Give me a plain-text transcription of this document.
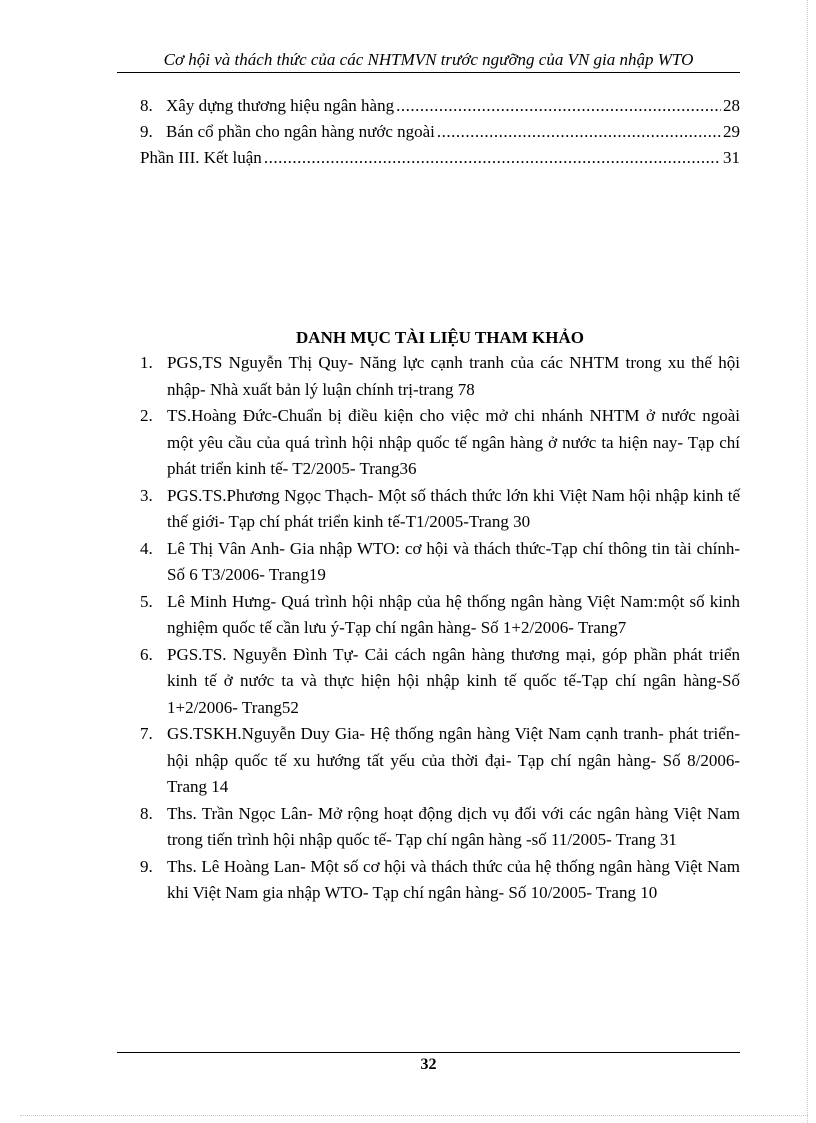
Cơ hội và thách thức của các NHTMVN trước ngưỡng của VN gia nhập WTO
8. Xây dựng thương hiệu ngân hàng .....	28
9. Bán cổ phần cho ngân hàng nước ngoài .....	29
Phần III. Kết luận .....	31
DANH MỤC TÀI LIỆU THAM KHẢO
1. PGS,TS Nguyễn Thị Quy- Năng lực cạnh tranh của các NHTM trong xu thế hội nhập- Nhà xuất bản lý luận chính trị-trang 78
2. TS.Hoàng Đức-Chuẩn bị điều kiện cho việc mở chi nhánh NHTM ở nước ngoài một yêu cầu của quá trình hội nhập quốc tế ngân hàng ở nước ta hiện nay- Tạp chí phát triển kinh tế- T2/2005- Trang36
3. PGS.TS.Phương Ngọc Thạch- Một số thách thức lớn khi Việt Nam hội nhập kinh tế thế giới- Tạp chí phát triển kinh tế-T1/2005-Trang 30
4. Lê Thị Vân Anh- Gia nhập WTO: cơ hội và thách thức-Tạp chí thông tin tài chính- Số 6 T3/2006- Trang19
5. Lê Minh Hưng- Quá trình hội nhập của hệ thống ngân hàng Việt Nam:một số kinh nghiệm quốc tế cần lưu ý-Tạp chí ngân hàng- Số 1+2/2006- Trang7
6. PGS.TS. Nguyễn Đình Tự- Cải cách ngân hàng thương mại, góp phần phát triển kinh tế ở nước ta và thực hiện hội nhập kinh tế quốc tế-Tạp chí ngân hàng-Số 1+2/2006- Trang52
7. GS.TSKH.Nguyễn Duy Gia- Hệ thống ngân hàng Việt Nam cạnh tranh- phát triển- hội nhập quốc tế xu hướng tất yếu của thời đại- Tạp chí ngân hàng- Số 8/2006- Trang 14
8. Ths. Trần Ngọc Lân- Mở rộng hoạt động dịch vụ đối với các ngân hàng Việt Nam trong tiến trình hội nhập quốc tế- Tạp chí ngân hàng -số 11/2005- Trang 31
9. Ths. Lê Hoàng Lan- Một số cơ hội và thách thức của hệ thống ngân hàng Việt Nam khi Việt Nam gia nhập WTO- Tạp chí ngân hàng- Số 10/2005- Trang 10
32
